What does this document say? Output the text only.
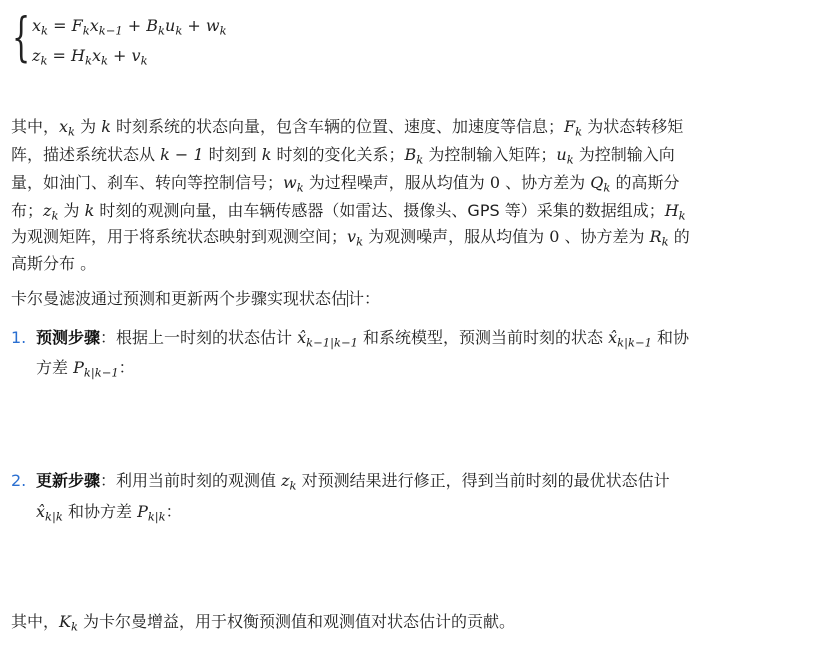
{ $x_k = F_kx_{k-1} + B_ku_k + w_k$
$z_k = H_kx_k + v_k$
其中，$x_k$ 为 k 时刻系统的状态向量，包含车辆的位置、速度、加速度等信息；$F_k$ 为状态转移矩
阵，描述系统状态从 k − 1 时刻到 k 时刻的变化关系；$B_k$ 为控制输入矩阵；$u_k$ 为控制输入向
量，如油门、刹车、转向等控制信号；$w_k$ 为过程噪声，服从均值为 0 、协方差为 $Q_k$ 的高斯分
布；$z_k$ 为 k 时刻的观测向量，由车辆传感器（如雷达、摄像头、GPS 等）采集的数据组成；$H_k$
为观测矩阵，用于将系统状态映射到观测空间；$v_k$ 为观测噪声，服从均值为 0 、协方差为 $R_k$ 的
高斯分布 。
卡尔曼滤波通过预测和更新两个步骤实现状态估计：
1. 预测步骤：根据上一时刻的状态估计 $x̂_{k-1|k-1}$ 和系统模型，预测当前时刻的状态 $x̂_{k|k-1}$ 和协
方差 $P_{k|k-1}$：
2. 更新步骤：利用当前时刻的观测值 $z_k$ 对预测结果进行修正，得到当前时刻的最优状态估计
$x̂_{k|k}$ 和协方差 $P_{k|k}$：
其中，$K_k$ 为卡尔曼增益，用于权衡预测值和观测值对状态估计的贡献。
